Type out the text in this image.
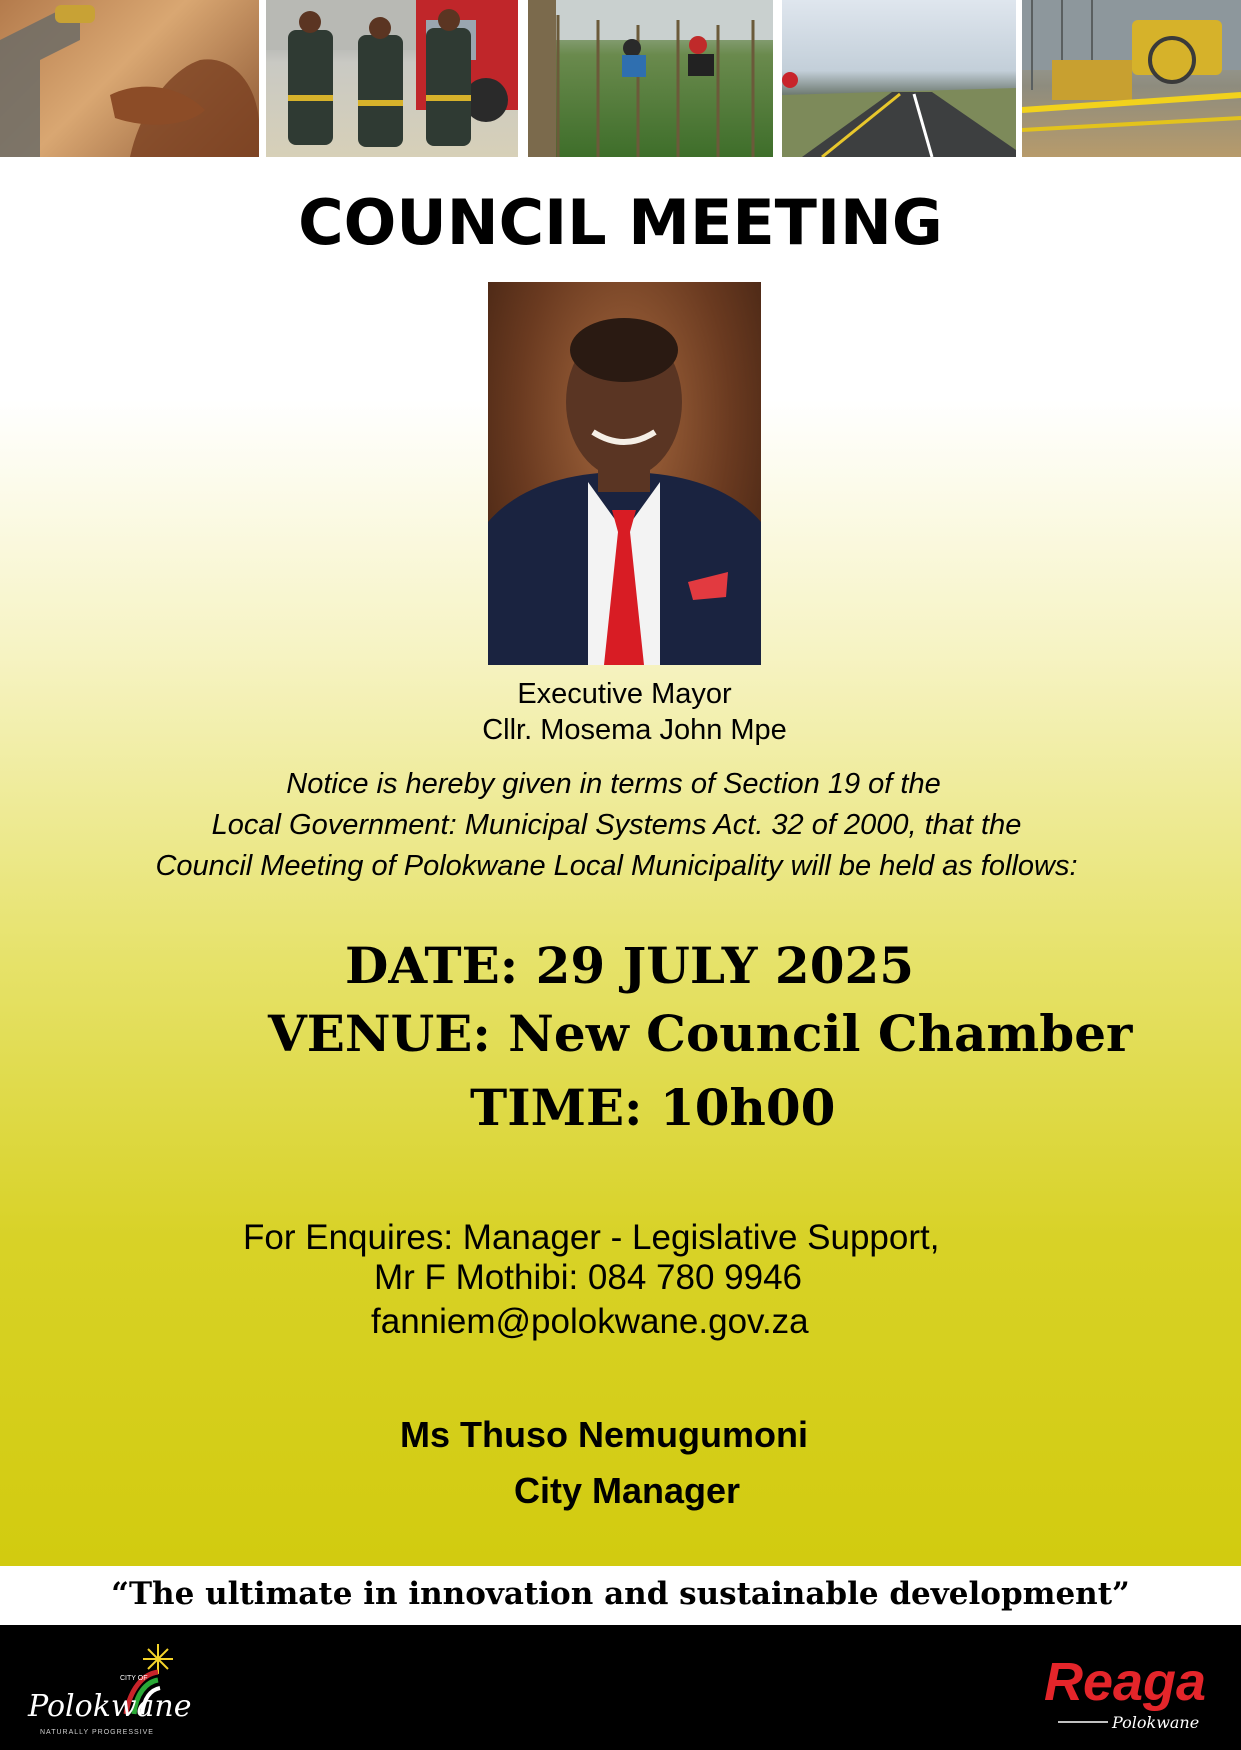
COUNCIL MEETING
Executive Mayor
Cllr. Mosema John Mpe
Notice is hereby given in terms of Section 19 of the
Local Government: Municipal Systems Act. 32 of 2000, that the
Council Meeting of Polokwane Local Municipality will be held as follows:
DATE: 29 JULY 2025
VENUE: New Council Chamber
TIME: 10h00
For Enquires: Manager - Legislative Support,
Mr F Mothibi: 084 780 9946
fanniem@polokwane.gov.za
Ms Thuso Nemugumoni
City Manager
“The ultimate in innovation and sustainable development”
CITY OF
Polokwane
NATURALLY PROGRESSIVE
Reaga
Polokwane
